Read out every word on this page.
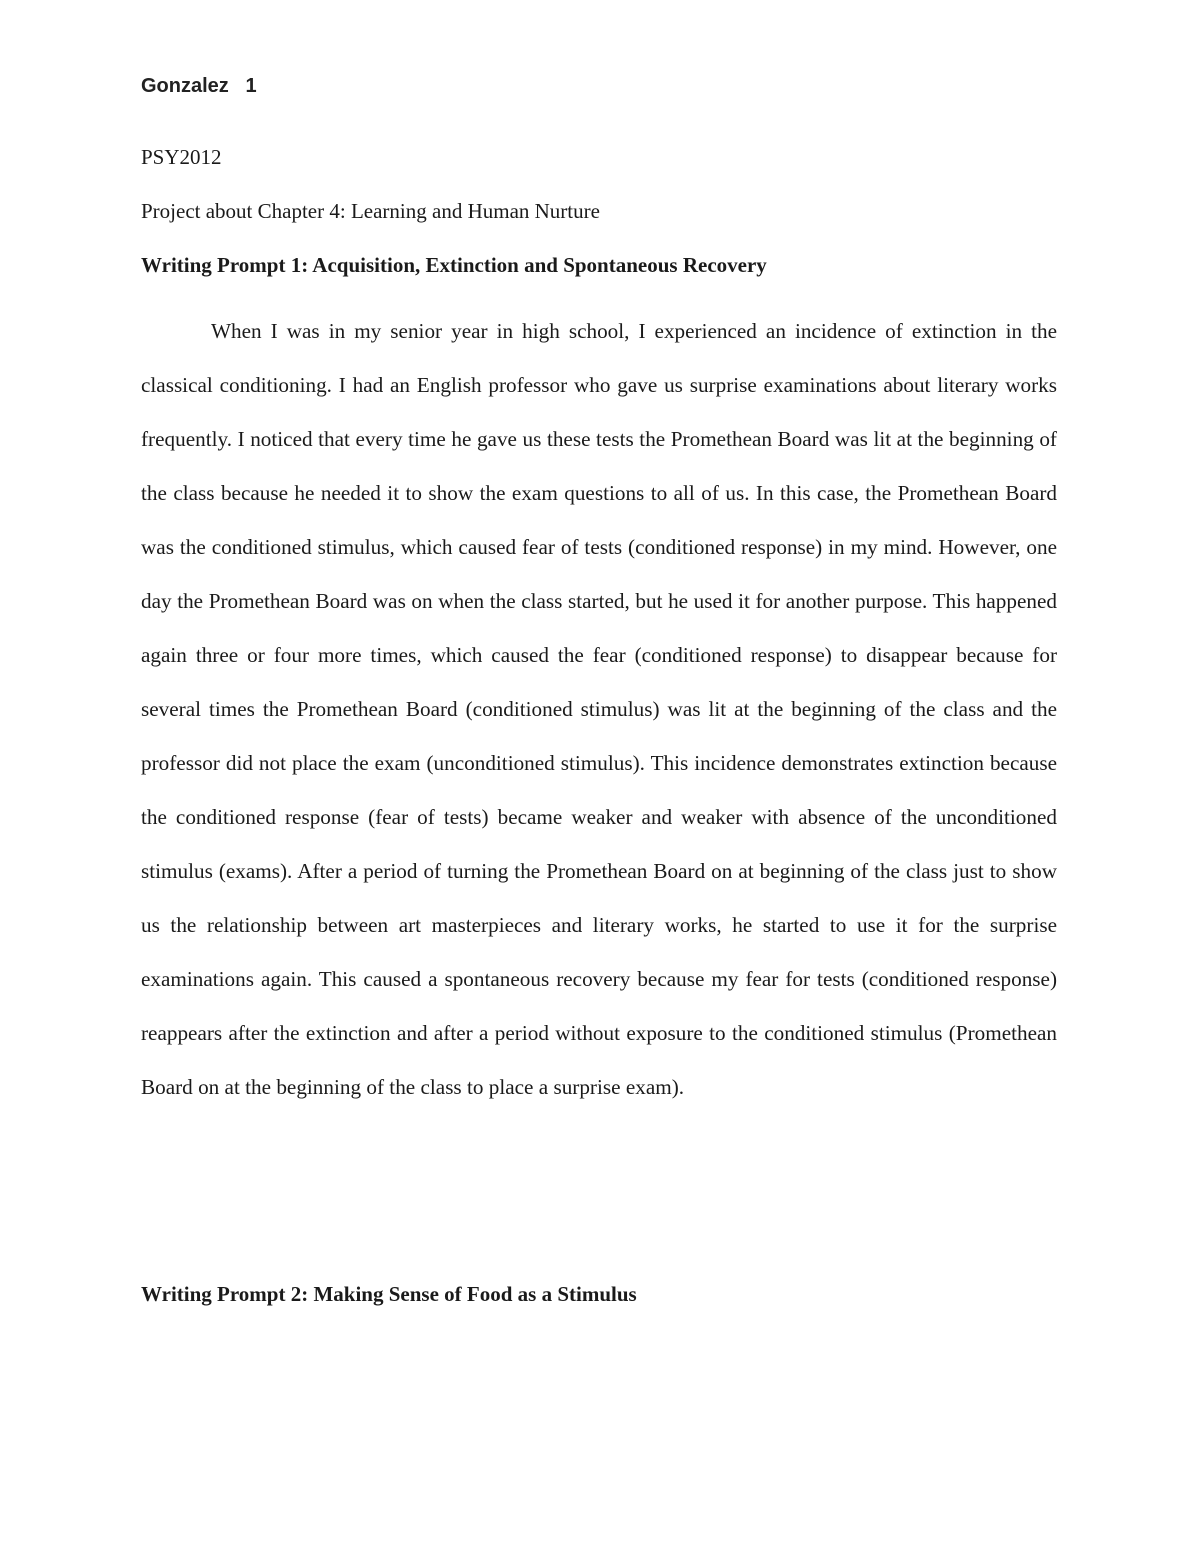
Gonzalez   1
PSY2012
Project about Chapter 4: Learning and Human Nurture
Writing Prompt 1: Acquisition, Extinction and Spontaneous Recovery

When I was in my senior year in high school, I experienced an incidence of extinction in the classical conditioning. I had an English professor who gave us surprise examinations about literary works frequently. I noticed that every time he gave us these tests the Promethean Board was lit at the beginning of the class because he needed it to show the exam questions to all of us. In this case, the Promethean Board was the conditioned stimulus, which caused fear of tests (conditioned response) in my mind. However, one day the Promethean Board was on when the class started, but he used it for another purpose. This happened again three or four more times, which caused the fear (conditioned response) to disappear because for several times the Promethean Board (conditioned stimulus) was lit at the beginning of the class and the professor did not place the exam (unconditioned stimulus). This incidence demonstrates extinction because the conditioned response (fear of tests) became weaker and weaker with absence of the unconditioned stimulus (exams). After a period of turning the Promethean Board on at beginning of the class just to show us the relationship between art masterpieces and literary works, he started to use it for the surprise examinations again. This caused a spontaneous recovery because my fear for tests (conditioned response) reappears after the extinction and after a period without exposure to the conditioned stimulus (Promethean Board on at the beginning of the class to place a surprise exam).

Writing Prompt 2: Making Sense of Food as a Stimulus
